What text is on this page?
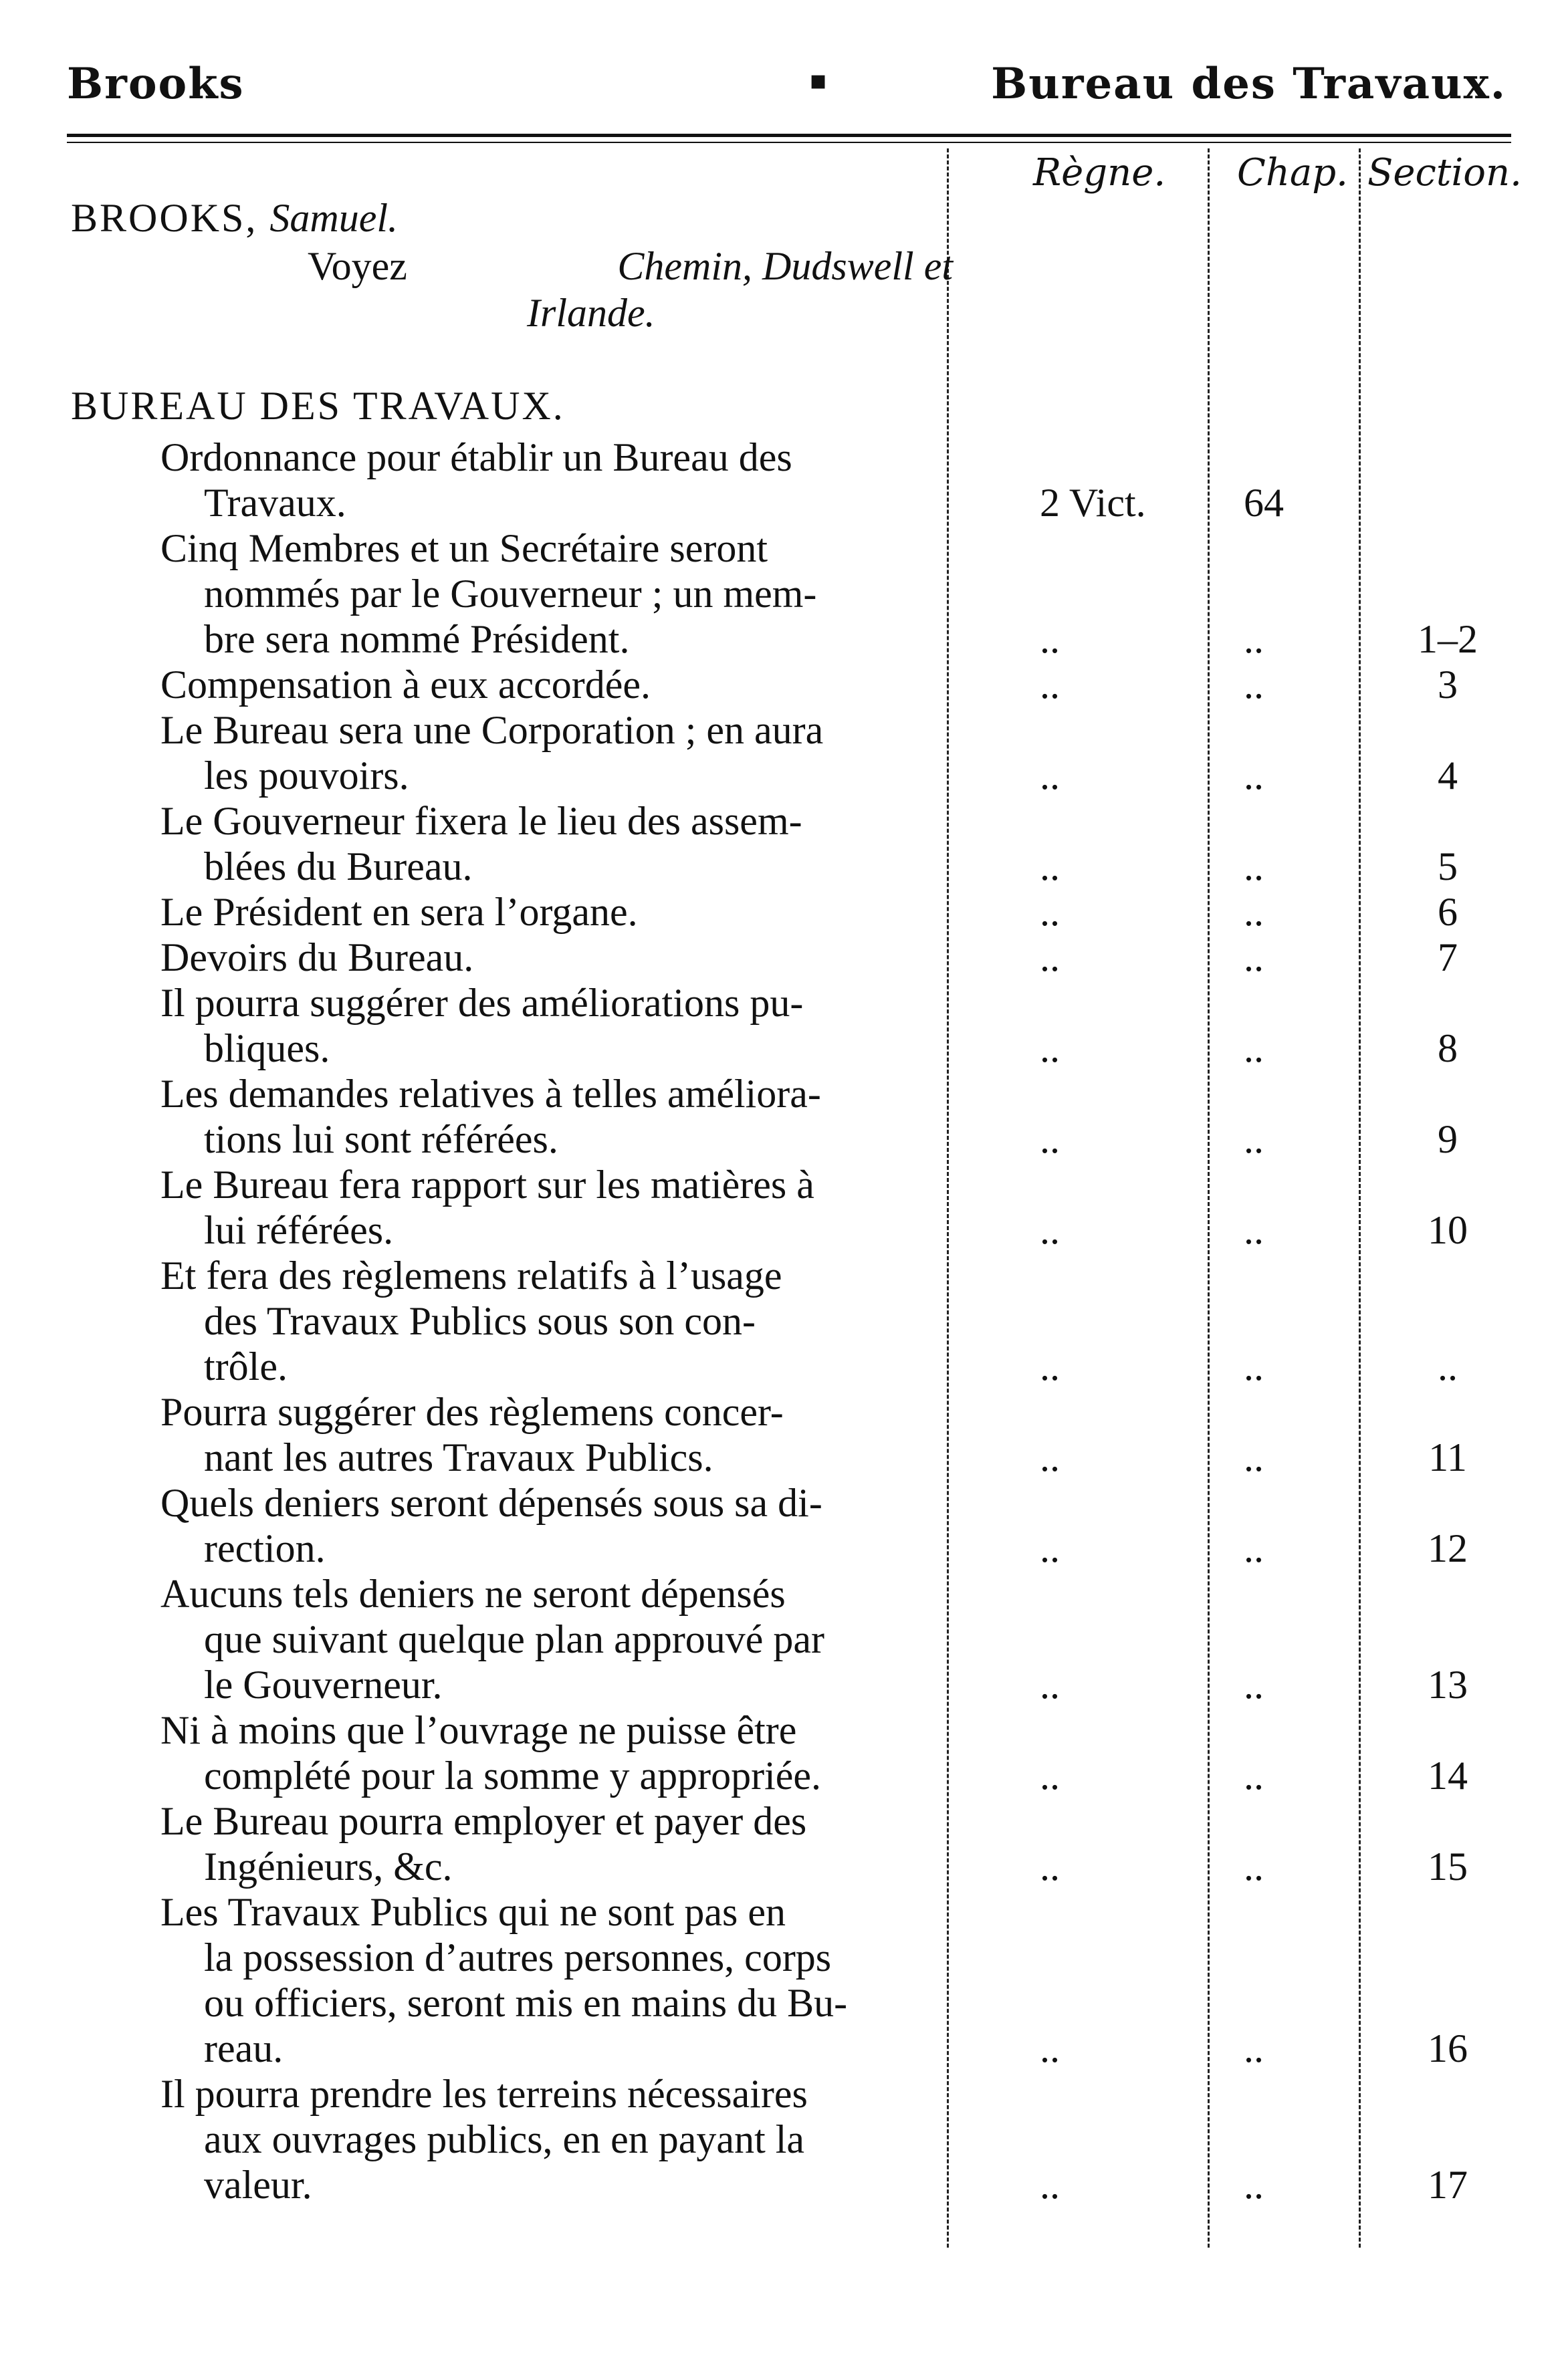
Brooks	▪	Bureau des Travaux.
Règne. Chap. Section.
BROOKS, Samuel.
Voyez	Chemin, Dudswell et
Irlande.
BUREAU DES TRAVAUX.
Ordonnance pour établir un Bureau des
Travaux.	2 Vict.	64
Cinq Membres et un Secrétaire seront
nommés par le Gouverneur ; un mem-
bre sera nommé Président.	..	..	1–2
Compensation à eux accordée.	..	..	3
Le Bureau sera une Corporation ; en aura
les pouvoirs.	..	..	4
Le Gouverneur fixera le lieu des assem-
blées du Bureau.	..	..	5
Le Président en sera l’organe.	..	..	6
Devoirs du Bureau.	..	..	7
Il pourra suggérer des améliorations pu-
bliques.	..	..	8
Les demandes relatives à telles améliora-
tions lui sont référées.	..	..	9
Le Bureau fera rapport sur les matières à
lui référées.	..	..	10
Et fera des règlemens relatifs à l’usage
des Travaux Publics sous son con-
trôle.	..	..	..
Pourra suggérer des règlemens concer-
nant les autres Travaux Publics.	..	..	11
Quels deniers seront dépensés sous sa di-
rection.	..	..	12
Aucuns tels deniers ne seront dépensés
que suivant quelque plan approuvé par
le Gouverneur.	..	..	13
Ni à moins que l’ouvrage ne puisse être
complété pour la somme y appropriée.	..	..	14
Le Bureau pourra employer et payer des
Ingénieurs, &c.	..	..	15
Les Travaux Publics qui ne sont pas en
la possession d’autres personnes, corps
ou officiers, seront mis en mains du Bu-
reau.	..	..	16
Il pourra prendre les terreins nécessaires
aux ouvrages publics, en en payant la
valeur.	..	..	17
